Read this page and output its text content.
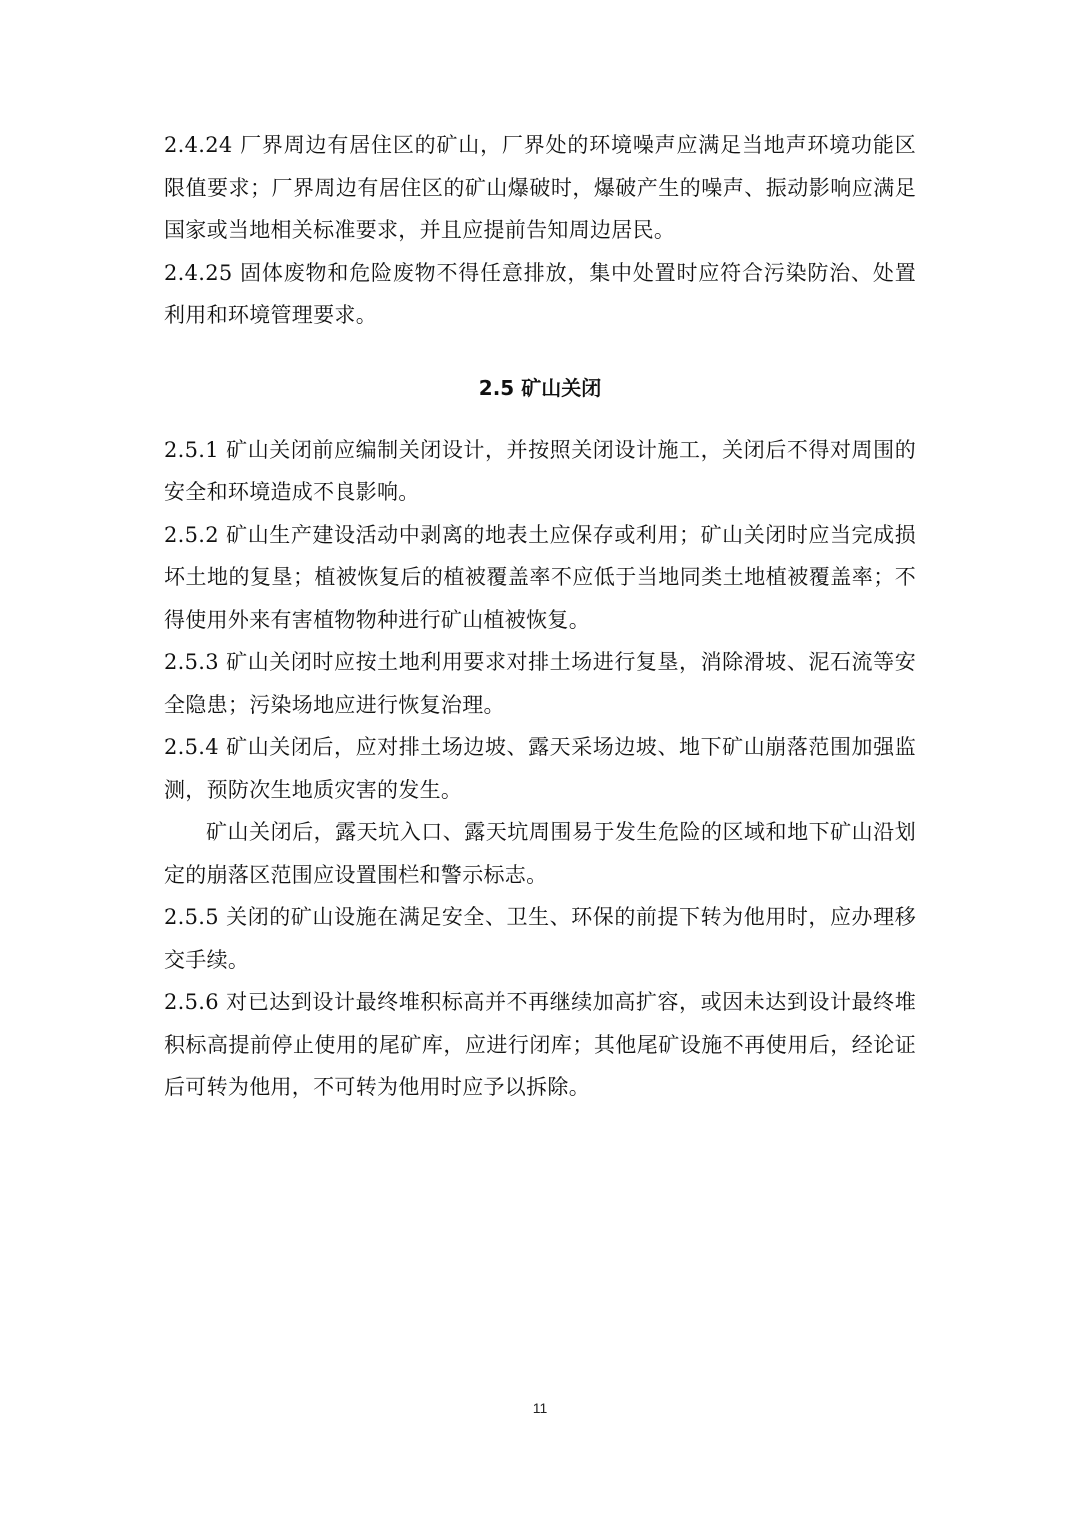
2.4.24 厂界周边有居住区的矿山，厂界处的环境噪声应满足当地声环境功能区限值要求；厂界周边有居住区的矿山爆破时，爆破产生的噪声、振动影响应满足国家或当地相关标准要求，并且应提前告知周边居民。

2.4.25 固体废物和危险废物不得任意排放，集中处置时应符合污染防治、处置利用和环境管理要求。

2.5 矿山关闭

2.5.1 矿山关闭前应编制关闭设计，并按照关闭设计施工，关闭后不得对周围的安全和环境造成不良影响。

2.5.2 矿山生产建设活动中剥离的地表土应保存或利用；矿山关闭时应当完成损坏土地的复垦；植被恢复后的植被覆盖率不应低于当地同类土地植被覆盖率；不得使用外来有害植物物种进行矿山植被恢复。

2.5.3 矿山关闭时应按土地利用要求对排土场进行复垦，消除滑坡、泥石流等安全隐患；污染场地应进行恢复治理。

2.5.4 矿山关闭后，应对排土场边坡、露天采场边坡、地下矿山崩落范围加强监测，预防次生地质灾害的发生。

矿山关闭后，露天坑入口、露天坑周围易于发生危险的区域和地下矿山沿划定的崩落区范围应设置围栏和警示标志。

2.5.5 关闭的矿山设施在满足安全、卫生、环保的前提下转为他用时，应办理移交手续。

2.5.6 对已达到设计最终堆积标高并不再继续加高扩容，或因未达到设计最终堆积标高提前停止使用的尾矿库，应进行闭库；其他尾矿设施不再使用后，经论证后可转为他用，不可转为他用时应予以拆除。

11
